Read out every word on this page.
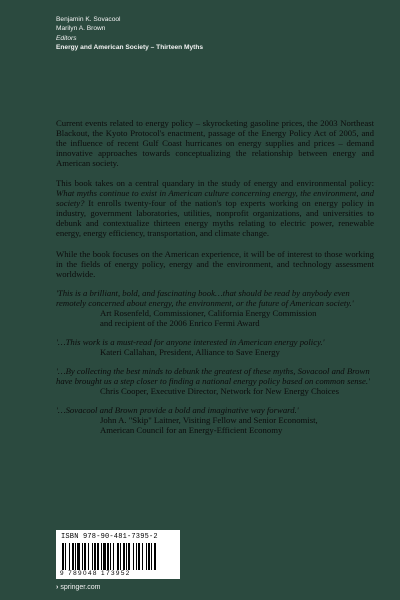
Benjamin K. Sovacool
Marilyn A. Brown
Editors
Energy and American Society – Thirteen Myths

Current events related to energy policy – skyrocketing gasoline prices, the 2003 Northeast Blackout, the Kyoto Protocol's enactment, passage of the Energy Policy Act of 2005, and the influence of recent Gulf Coast hurricanes on energy supplies and prices – demand innovative approaches towards conceptualizing the relationship between energy and American society.

This book takes on a central quandary in the study of energy and environmental policy: What myths continue to exist in American culture concerning energy, the environment, and society? It enrolls twenty-four of the nation's top experts working on energy policy in industry, government laboratories, utilities, nonprofit organizations, and universities to debunk and contextualize thirteen energy myths relating to electric power, renewable energy, energy efficiency, transportation, and climate change.

While the book focuses on the American experience, it will be of interest to those working in the fields of energy policy, energy and the environment, and technology assessment worldwide.

'This is a brilliant, bold, and fascinating book…that should be read by anybody even remotely concerned about energy, the environment, or the future of American society.'

Art Rosenfeld, Commissioner, California Energy Commission

and recipient of the 2006 Enrico Fermi Award

'…This work is a must-read for anyone interested in American energy policy.'

Kateri Callahan, President, Alliance to Save Energy

'…By collecting the best minds to debunk the greatest of these myths, Sovacool and Brown have brought us a step closer to finding a national energy policy based on common sense.'

Chris Cooper, Executive Director, Network for New Energy Choices

'…Sovacool and Brown provide a bold and imaginative way forward.'

John A. "Skip" Laitner, Visiting Fellow and Senior Economist,

American Council for an Energy-Efficient Economy

ISBN 978-90-481-7395-2
9 789048 173952
› springer.com
